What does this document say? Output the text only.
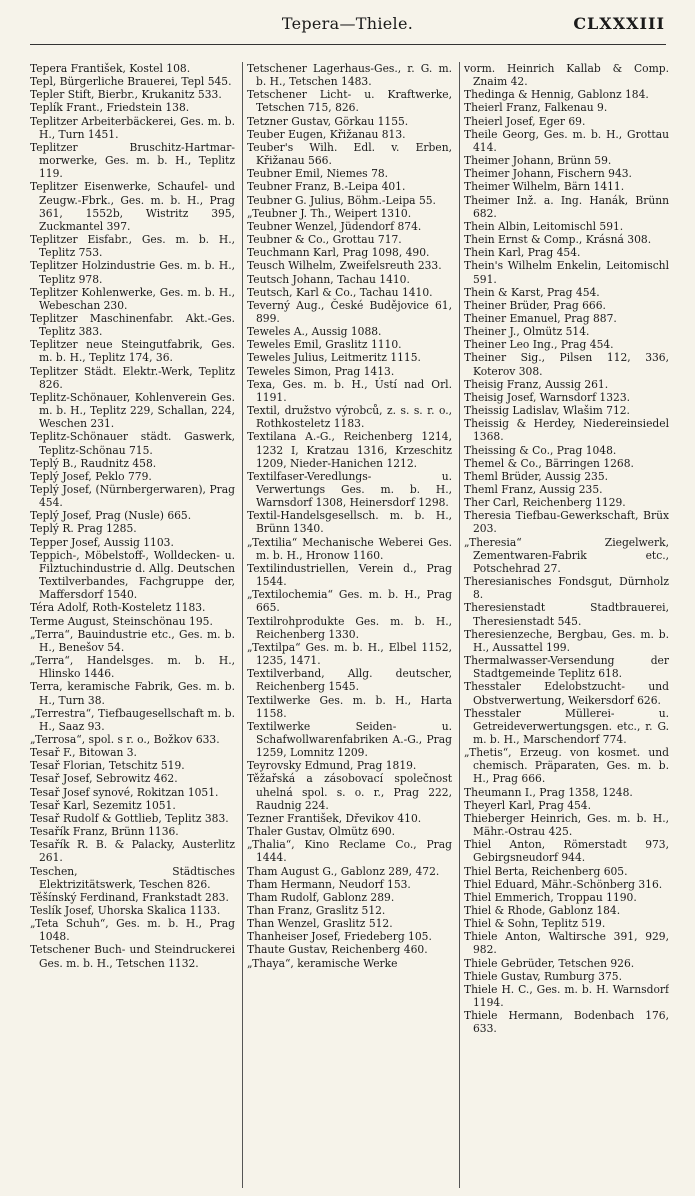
Tepera—Thiele.	CLXXXIII

Tepera František, Kostel 108.

Tepl, Bürgerliche Brauerei, Tepl 545.

Tepler Stift, Bierbr., Krukanitz 533.

Teplík Frant., Friedstein 138.

Teplitzer Arbeiterbäckerei, Ges. m. b. H., Turn 1451.

Teplitzer Bruschitz-Hartmar-morwerke, Ges. m. b. H., Teplitz 119.

Teplitzer Eisenwerke, Schaufel- und Zeugw.-Fbrk., Ges. m. b. H., Prag 361, 1552b, Wistritz 395, Zuckmantel 397.

Teplitzer Eisfabr., Ges. m. b. H., Teplitz 753.

Teplitzer Holzindustrie Ges. m. b. H., Teplitz 978.

Teplitzer Kohlenwerke, Ges. m. b. H., Webeschan 230.

Teplitzer Maschinenfabr. Akt.-Ges. Teplitz 383.

Teplitzer neue Steingutfabrik, Ges. m. b. H., Teplitz 174, 36.

Teplitzer Städt. Elektr.-Werk, Teplitz 826.

Teplitz-Schönauer, Kohlenverein Ges. m. b. H., Teplitz 229, Schallan, 224, Weschen 231.

Teplitz-Schönauer städt. Gaswerk, Teplitz-Schönau 715.

Teplý B., Raudnitz 458.

Teplý Josef, Peklo 779.

Teplý Josef, (Nürnbergerwaren), Prag 454.

Teplý Josef, Prag (Nusle) 665.

Teplý R. Prag 1285.

Tepper Josef, Aussig 1103.

Teppich-, Möbelstoff-, Wolldecken- u. Filztuchindustrie d. Allg. Deutschen Textilverbandes, Fachgruppe der, Maffersdorf 1540.

Téra Adolf, Roth-Kosteletz 1183.

Terme August, Steinschönau 195.

„Terra“, Bauindustrie etc., Ges. m. b. H., Benešov 54.

„Terra“, Handelsges. m. b. H., Hlinsko 1446.

Terra, keramische Fabrik, Ges. m. b. H., Turn 38.

„Terrestra“, Tiefbaugesellschaft m. b. H., Saaz 93.

„Terrosa“, spol. s r. o., Božkov 633.

Tesař F., Bitowan 3.

Tesař Florian, Tetschitz 519.

Tesař Josef, Sebrowitz 462.

Tesař Josef synové, Rokitzan 1051.

Tesař Karl, Sezemitz 1051.

Tesař Rudolf & Gottlieb, Teplitz 383.

Tesařík Franz, Brünn 1136.

Tesařík R. B. & Palacky, Austerlitz 261.

Teschen, Städtisches Elektrizitätswerk, Teschen 826.

Těšínský Ferdinand, Frankstadt 283.

Teslík Josef, Uhorska Skalica 1133.

„Teta Schuh“, Ges. m. b. H., Prag 1048.

Tetschener Buch- und Steindruckerei Ges. m. b. H., Tetschen 1132.

Tetschener Lagerhaus-Ges., r. G. m. b. H., Tetschen 1483.

Tetschener Licht- u. Kraftwerke, Tetschen 715, 826.

Tetzner Gustav, Görkau 1155.

Teuber Eugen, Křižanau 813.

Teuber's Wilh. Edl. v. Erben, Křižanau 566.

Teubner Emil, Niemes 78.

Teubner Franz, B.-Leipa 401.

Teubner G. Julius, Böhm.-Leipa 55.

„Teubner J. Th., Weipert 1310.

Teubner Wenzel, Jüdendorf 874.

Teubner & Co., Grottau 717.

Teuchmann Karl, Prag 1098, 490.

Teusch Wilhelm, Zweifelsreuth 233.

Teutsch Johann, Tachau 1410.

Teutsch, Karl & Co., Tachau 1410.

Teverný Aug., České Budějovice 61, 899.

Teweles A., Aussig 1088.

Teweles Emil, Graslitz 1110.

Teweles Julius, Leitmeritz 1115.

Teweles Simon, Prag 1413.

Texa, Ges. m. b. H., Ústí nad Orl. 1191.

Textil, družstvo výrobců, z. s. s. r. o., Rothkosteletz 1183.

Textilana A.-G., Reichenberg 1214, 1232 I, Kratzau 1316, Krzeschitz 1209, Nieder-Hanichen 1212.

Textilfaser-Veredlungs- u. Verwertungs Ges. m. b. H., Warnsdorf 1308, Heinersdorf 1298.

Textil-Handelsgesellsch. m. b. H., Brünn 1340.

„Textilia“ Mechanische Weberei Ges. m. b. H., Hronow 1160.

Textilindustriellen, Verein d., Prag 1544.

„Textilochemia“ Ges. m. b. H., Prag 665.

Textilrohprodukte Ges. m. b. H., Reichenberg 1330.

„Textilpa“ Ges. m. b. H., Elbel 1152, 1235, 1471.

Textilverband, Allg. deutscher, Reichenberg 1545.

Textilwerke Ges. m. b. H., Harta 1158.

Textilwerke Seiden- u. Schafwollwarenfabriken A.-G., Prag 1259, Lomnitz 1209.

Teyrovsky Edmund, Prag 1819.

Těžařská a zásobovací společnost uhelná spol. s. o. r., Prag 222, Raudnig 224.

Tezner František, Dřevikov 410.

Thaler Gustav, Olmütz 690.

„Thalia“, Kino Reclame Co., Prag 1444.

Tham August G., Gablonz 289, 472.

Tham Hermann, Neudorf 153.

Tham Rudolf, Gablonz 289.

Than Franz, Graslitz 512.

Than Wenzel, Graslitz 512.

Thanheiser Josef, Friedeberg 105.

Thaute Gustav, Reichenberg 460.

„Thaya“, keramische Werke

vorm. Heinrich Kallab & Comp. Znaim 42.

Thedinga & Hennig, Gablonz 184.

Theierl Franz, Falkenau 9.

Theierl Josef, Eger 69.

Theile Georg, Ges. m. b. H., Grottau 414.

Theimer Johann, Brünn 59.

Theimer Johann, Fischern 943.

Theimer Wilhelm, Bärn 1411.

Theimer Inž. a. Ing. Hanák, Brünn 682.

Thein Albin, Leitomischl 591.

Thein Ernst & Comp., Krásná 308.

Thein Karl, Prag 454.

Thein's Wilhelm Enkelin, Leitomischl 591.

Thein & Karst, Prag 454.

Theiner Brüder, Prag 666.

Theiner Emanuel, Prag 887.

Theiner J., Olmütz 514.

Theiner Leo Ing., Prag 454.

Theiner Sig., Pilsen 112, 336, Koterov 308.

Theisig Franz, Aussig 261.

Theisig Josef, Warnsdorf 1323.

Theissig Ladislav, Wlašim 712.

Theissig & Herdey, Niedereinsiedel 1368.

Theissing & Co., Prag 1048.

Themel & Co., Bärringen 1268.

Theml Brüder, Aussig 235.

Theml Franz, Aussig 235.

Ther Carl, Reichenberg 1129.

Theresia Tiefbau-Gewerkschaft, Brüx 203.

„Theresia“ Ziegelwerk, Zementwaren-Fabrik etc., Potschehrad 27.

Theresianisches Fondsgut, Dürnholz 8.

Theresienstadt Stadtbrauerei, Theresienstadt 545.

Theresienzeche, Bergbau, Ges. m. b. H., Aussattel 199.

Thermalwasser-Versendung der Stadtgemeinde Teplitz 618.

Thesstaler Edelobstzucht- und Obstverwertung, Weikersdorf 626.

Thesstaler Müllerei- u. Getreideverwertungsgen. etc., r. G. m. b. H., Marschendorf 774.

„Thetis“, Erzeug. von kosmet. und chemisch. Präparaten, Ges. m. b. H., Prag 666.

Theumann I., Prag 1358, 1248.

Theyerl Karl, Prag 454.

Thieberger Heinrich, Ges. m. b. H., Mähr.-Ostrau 425.

Thiel Anton, Römerstadt 973, Gebirgsneudorf 944.

Thiel Berta, Reichenberg 605.

Thiel Eduard, Mähr.-Schönberg 316.

Thiel Emmerich, Troppau 1190.

Thiel & Rhode, Gablonz 184.

Thiel & Sohn, Teplitz 519.

Thiele Anton, Waltirsche 391, 929, 982.

Thiele Gebrüder, Tetschen 926.

Thiele Gustav, Rumburg 375.

Thiele H. C., Ges. m. b. H. Warnsdorf 1194.

Thiele Hermann, Bodenbach 176, 633.
